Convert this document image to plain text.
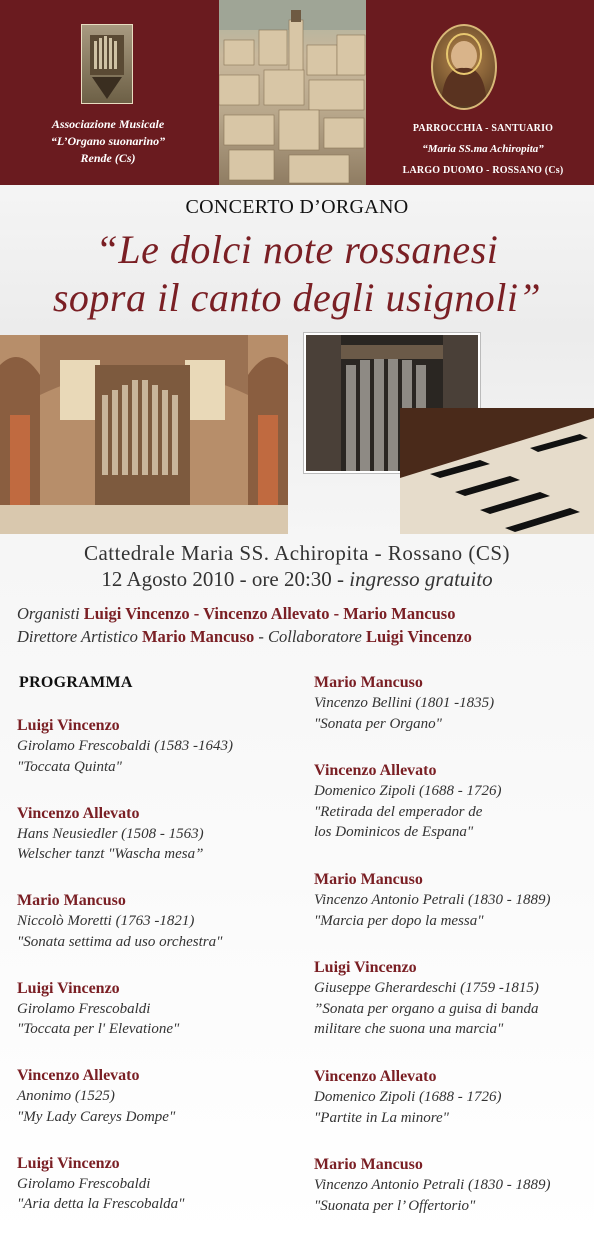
Associazione Musicale
“L’Organo suonarino”
Rende (Cs)
PARROCCHIA - SANTUARIO
“Maria SS.ma Achiropita”
LARGO DUOMO - ROSSANO (Cs)
CONCERTO D’ORGANO
“Le dolci note rossanesi
sopra il canto degli usignoli”
Cattedrale Maria SS. Achiropita - Rossano (CS)
12 Agosto 2010 - ore 20:30 - ingresso gratuito
Organisti Luigi Vincenzo - Vincenzo Allevato - Mario Mancuso
Direttore Artistico Mario Mancuso - Collaboratore Luigi Vincenzo
PROGRAMMA
Luigi Vincenzo
Girolamo Frescobaldi (1583 -1643)
"Toccata Quinta"
Vincenzo Allevato
Hans Neusiedler (1508 - 1563)
Welscher tanzt "Wascha mesa”
Mario Mancuso
Niccolò Moretti (1763 -1821)
"Sonata settima ad uso orchestra"
Luigi Vincenzo
Girolamo Frescobaldi
"Toccata per l' Elevatione"
Vincenzo Allevato
Anonimo (1525)
"My Lady Careys Dompe"
Luigi Vincenzo
Girolamo Frescobaldi
"Aria detta la Frescobalda"
Mario Mancuso
Vincenzo Bellini (1801 -1835)
"Sonata per Organo"
Vincenzo Allevato
Domenico Zipoli (1688 - 1726)
"Retirada del emperador de
los Dominicos de Espana"
Mario Mancuso
Vincenzo Antonio Petrali (1830 - 1889)
"Marcia per dopo la messa"
Luigi Vincenzo
Giuseppe Gherardeschi (1759 -1815)
”Sonata per organo a guisa di banda
militare che suona una marcia"
Vincenzo Allevato
Domenico Zipoli (1688 - 1726)
"Partite in La minore"
Mario Mancuso
Vincenzo Antonio Petrali (1830 - 1889)
"Suonata per l’ Offertorio"
